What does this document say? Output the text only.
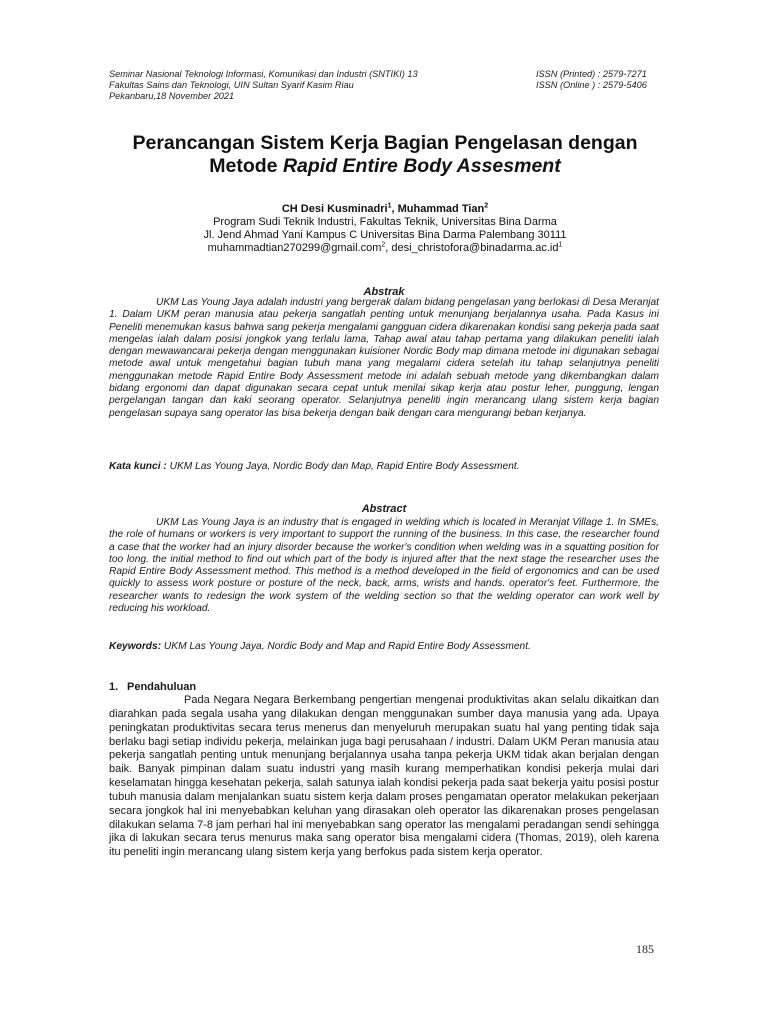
Seminar Nasional Teknologi Informasi, Komunikasi dan Industri (SNTIKI) 13
Fakultas Sains dan Teknologi, UIN Sultan Syarif Kasim Riau
Pekanbaru,18 November 2021
ISSN (Printed) : 2579-7271
ISSN (Online ) : 2579-5406
Perancangan Sistem Kerja Bagian Pengelasan dengan
Metode Rapid Entire Body Assesment
CH Desi Kusminadri$^1$, Muhammad Tian$^2$
Program Sudi Teknik Industri, Fakultas Teknik, Universitas Bina Darma
Jl. Jend Ahmad Yani Kampus C Universitas Bina Darma Palembang 30111
muhammadtian270299@gmail.com$^2$, $desi\_christofora@binadarma.ac.id^1$
Abstrak

UKM Las Young Jaya adalah industri yang bergerak dalam bidang pengelasan yang berlokasi di Desa Meranjat 1. Dalam UKM peran manusia atau pekerja sangatlah penting untuk menunjang berjalannya usaha. Pada Kasus ini Peneliti menemukan kasus bahwa sang pekerja mengalami gangguan cidera dikarenakan kondisi sang pekerja pada saat mengelas ialah dalam posisi jongkok yang terlalu lama, Tahap awal atau tahap pertama yang dilakukan peneliti ialah dengan mewawancarai pekerja dengan menggunakan kuisioner Nordic Body map dimana metode ini digunakan sebagai metode awal untuk mengetahui bagian tubuh mana yang megalami cidera setelah itu tahap selanjutnya peneliti menggunakan metode Rapid Entire Body Assessment metode ini adalah sebuah metode yang dikembangkan dalam bidang ergonomi dan dapat digunakan secara cepat untuk menilai sikap kerja atau postur leher, punggung, lengan pergelangan tangan dan kaki seorang operator. Selanjutnya peneliti ingin merancang ulang sistem kerja bagian pengelasan supaya sang operator las bisa bekerja dengan baik dengan cara mengurangi beban kerjanya.

Kata kunci : UKM Las Young Jaya, Nordic Body dan Map, Rapid Entire Body Assessment.
Abstract

UKM Las Young Jaya is an industry that is engaged in welding which is located in Meranjat Village 1. In SMEs, the role of humans or workers is very important to support the running of the business. In this case, the researcher found a case that the worker had an injury disorder because the worker's condition when welding was in a squatting position for too long. the initial method to find out which part of the body is injured after that the next stage the researcher uses the Rapid Entire Body Assessment method. This method is a method developed in the field of ergonomics and can be used quickly to assess work posture or posture of the neck, back, arms, wrists and hands. operator's feet. Furthermore, the researcher wants to redesign the work system of the welding section so that the welding operator can work well by reducing his workload.

Keywords: UKM Las Young Jaya, Nordic Body and Map and Rapid Entire Body Assessment.
1. Pendahuluan

Pada Negara Negara Berkembang pengertian mengenai produktivitas akan selalu dikaitkan dan diarahkan pada segala usaha yang dilakukan dengan menggunakan sumber daya manusia yang ada. Upaya peningkatan produktivitas secara terus menerus dan menyeluruh merupakan suatu hal yang penting tidak saja berlaku bagi setiap individu pekerja, melainkan juga bagi perusahaan / industri. Dalam UKM Peran manusia atau pekerja sangatlah penting untuk menunjang berjalannya usaha tanpa pekerja UKM tidak akan berjalan dengan baik. Banyak pimpinan dalam suatu industri yang masih kurang memperhatikan kondisi pekerja mulai dari keselamatan hingga kesehatan pekerja, salah satunya ialah kondisi pekerja pada saat bekerja yaitu posisi postur tubuh manusia dalam menjalankan suatu sistem kerja dalam proses pengamatan operator melakukan pekerjaan secara jongkok hal ini menyebabkan keluhan yang dirasakan oleh operator las dikarenakan proses pengelasan dilakukan selama 7-8 jam perhari hal ini menyebabkan sang operator las mengalami peradangan sendi sehingga jika di lakukan secara terus menurus maka sang operator bisa mengalami cidera (Thomas, 2019), oleh karena itu peneliti ingin merancang ulang sistem kerja yang berfokus pada sistem kerja operator.

185
